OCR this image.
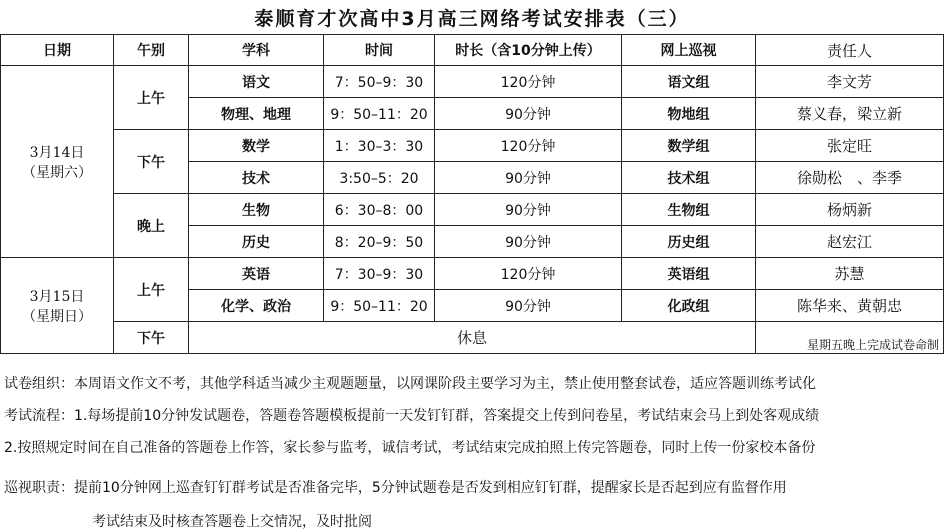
泰顺育才次高中3月高三网络考试安排表（三）
日期	午别	学科	时间	时长（含10分钟上传）	网上巡视	责任人

3月14日
（星期六）	上午	语文	7：50–9：30	120分钟	语文组	李文芳
		物理、地理	9：50–11：20	90分钟	物地组	蔡义春，梁立新
	下午	数学	1：30–3：30	120分钟	数学组	张定旺
		技术	3:50–5：20	90分钟	技术组	徐勋松　、李季
	晚上	生物	6：30–8：00	90分钟	生物组	杨炳新
		历史	8：20–9：50	90分钟	历史组	赵宏江

3月15日
（星期日）	上午	英语	7：30–9：30	120分钟	英语组	苏慧
		化学、政治	9：50–11：20	90分钟	化政组	陈华来、黄朝忠
	下午	休息				星期五晚上完成试卷命制
试卷组织：本周语文作文不考，其他学科适当减少主观题题量，以网课阶段主要学习为主，禁止使用整套试卷，适应答题训练考试化
考试流程：1.每场提前10分钟发试题卷，答题卷答题模板提前一天发钉钉群，答案提交上传到问卷星，考试结束会马上到处客观成绩
2.按照规定时间在自己准备的答题卷上作答，家长参与监考，诚信考试，考试结束完成拍照上传完答题卷，同时上传一份家校本备份
巡视职责：提前10分钟网上巡查钉钉群考试是否准备完毕，5分钟试题卷是否发到相应钉钉群，提醒家长是否起到应有监督作用
考试结束及时核查答题卷上交情况，及时批阅
